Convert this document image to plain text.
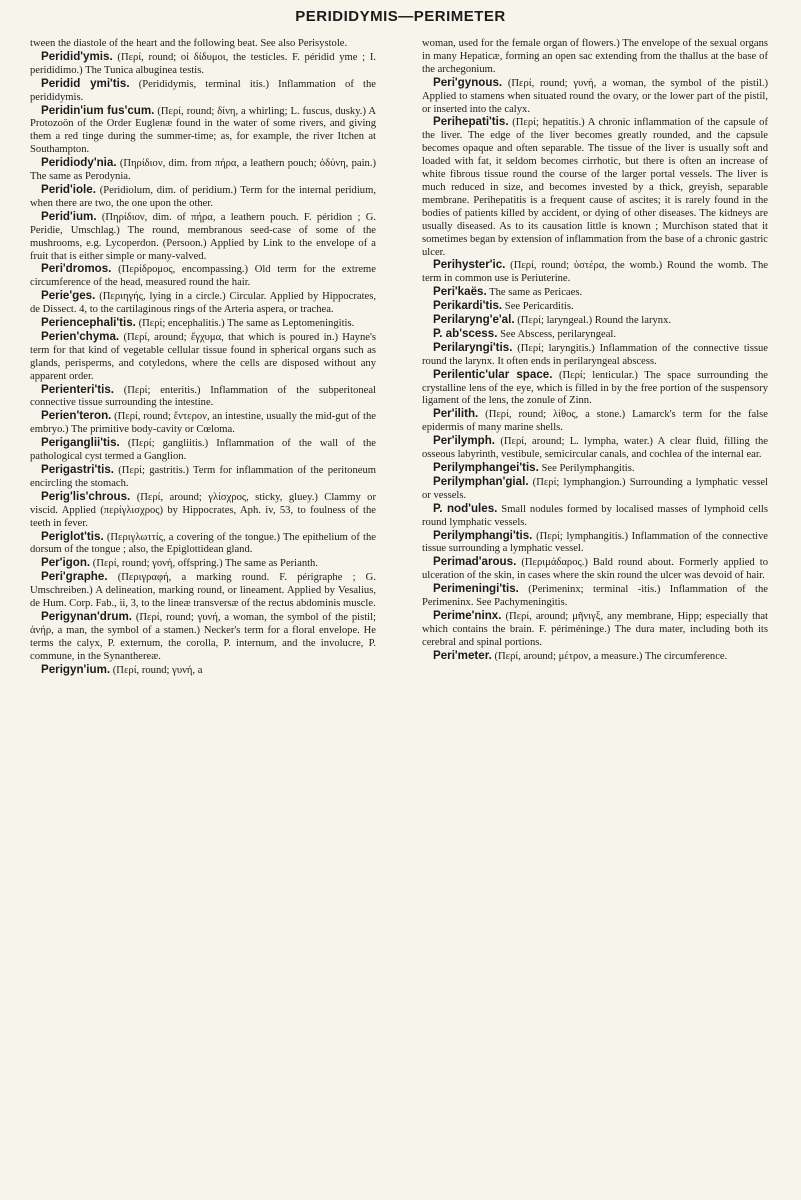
PERIDIDYMIS—PERIMETER

tween the diastole of the heart and the following beat. See also Perisystole.

Peridid'ymis. (Περί, round; οἱ δίδυμοι, the testicles. F. péridid yme ; I. perididimo.) The Tunica albuginea testis.

Peridid ymi'tis. (Perididymis, terminal itis.) Inflammation of the perididymis.

Peridin'ium fus'cum. (Περί, round; δίνη, a whirling; L. fuscus, dusky.) A Protozoön of the Order Euglenæ found in the water of some rivers, and giving them a red tinge during the summer-time; as, for example, the river Itchen at Southampton.

Peridiody'nia. (Πηρίδιον, dim. from πήρα, a leathern pouch; ὀδύνη, pain.) The same as Perodynia.

Perid'iole. (Peridiolum, dim. of peridium.) Term for the internal peridium, when there are two, the one upon the other.

Perid'ium. (Πηρίδιον, dim. of πήρα, a leathern pouch. F. péridion ; G. Peridie, Umschlag.) The round, membranous seed-case of some of the mushrooms, e.g. Lycoperdon. (Persoon.) Applied by Link to the envelope of a fruit that is either simple or many-valved.

Peri'dromos. (Περίδρομος, encompassing.) Old term for the extreme circumference of the head, measured round the hair.

Perie'ges. (Περιηγής, lying in a circle.) Circular. Applied by Hippocrates, de Dissect. 4, to the cartilaginous rings of the Arteria aspera, or trachea.

Periencephali'tis. (Περί; encephalitis.) The same as Leptomeningitis.

Perien'chyma. (Περί, around; ἔγχυμα, that which is poured in.) Hayne's term for that kind of vegetable cellular tissue found in spherical organs such as glands, perisperms, and cotyledons, where the cells are disposed without any apparent order.

Perienteri'tis. (Περί; enteritis.) Inflammation of the subperitoneal connective tissue surrounding the intestine.

Perien'teron. (Περί, round; ἔντερον, an intestine, usually the mid-gut of the embryo.) The primitive body-cavity or Cœloma.

Periganglii'tis. (Περί; gangliitis.) Inflammation of the wall of the pathological cyst termed a Ganglion.

Perigastri'tis. (Περί; gastritis.) Term for inflammation of the peritoneum encircling the stomach.

Perig'lis'chrous. (Περί, around; γλίσχρος, sticky, gluey.) Clammy or viscid. Applied (περίγλισχρος) by Hippocrates, Aph. iv, 53, to foulness of the teeth in fever.

Periglot'tis. (Περιγλωττίς, a covering of the tongue.) The epithelium of the dorsum of the tongue ; also, the Epiglottidean gland.

Per'igon. (Περί, round; γονή, offspring.) The same as Perianth.

Peri'graphe. (Περιγραφή, a marking round. F. périgraphe ; G. Umschreiben.) A delineation, marking round, or lineament. Applied by Vesalius, de Hum. Corp. Fab., ii, 3, to the lineæ transversæ of the rectus abdominis muscle.

Perigynan'drum. (Περί, round; γυνή, a woman, the symbol of the pistil; ἀνήρ, a man, the symbol of a stamen.) Necker's term for a floral envelope. He terms the calyx, P. externum, the corolla, P. internum, and the involucre, P. commune, in the Synanthereæ.

Perigyn'ium. (Περί, round; γυνή, a

woman, used for the female organ of flowers.) The envelope of the sexual organs in many Hepaticæ, forming an open sac extending from the thallus at the base of the archegonium.

Peri'gynous. (Περί, round; γυνή, a woman, the symbol of the pistil.) Applied to stamens when situated round the ovary, or the lower part of the pistil, or inserted into the calyx.

Perihepati'tis. (Περί; hepatitis.) A chronic inflammation of the capsule of the liver. The edge of the liver becomes greatly rounded, and the capsule becomes opaque and often separable. The tissue of the liver is usually soft and loaded with fat, it seldom becomes cirrhotic, but there is often an increase of white fibrous tissue round the course of the larger portal vessels. The liver is much reduced in size, and becomes invested by a thick, greyish, separable membrane. Perihepatitis is a frequent cause of ascites; it is rarely found in the bodies of patients killed by accident, or dying of other diseases. The kidneys are usually diseased. As to its causation little is known ; Murchison stated that it sometimes began by extension of inflammation from the base of a chronic gastric ulcer.

Perihyster'ic. (Περί, round; ὑστέρα, the womb.) Round the womb. The term in common use is Periuterine.

Peri'kaës. The same as Pericaes.

Perikardi'tis. See Pericarditis.

Perilaryng'e'al. (Περί; laryngeal.) Round the larynx.

P. ab'scess. See Abscess, perilaryngeal.

Perilaryngi'tis. (Περί; laryngitis.) Inflammation of the connective tissue round the larynx. It often ends in perilaryngeal abscess.

Perilentic'ular space. (Περί; lenticular.) The space surrounding the crystalline lens of the eye, which is filled in by the free portion of the suspensory ligament of the lens, the zonule of Zinn.

Per'ilith. (Περί, round; λίθος, a stone.) Lamarck's term for the false epidermis of many marine shells.

Per'ilymph. (Περί, around; L. lympha, water.) A clear fluid, filling the osseous labyrinth, vestibule, semicircular canals, and cochlea of the internal ear.

Perilymphangei'tis. See Perilymphangitis.

Perilymphan'gial. (Περί; lymphangion.) Surrounding a lymphatic vessel or vessels.

P. nod'ules. Small nodules formed by localised masses of lymphoid cells round lymphatic vessels.

Perilymphangi'tis. (Περί; lymphangitis.) Inflammation of the connective tissue surrounding a lymphatic vessel.

Perimad'arous. (Περιμάδαρος.) Bald round about. Formerly applied to ulceration of the skin, in cases where the skin round the ulcer was devoid of hair.

Perimeningi'tis. (Perimeninx; terminal -itis.) Inflammation of the Perimeninx. See Pachymeningitis.

Perime'ninx. (Περί, around; μῆνιγξ, any membrane, Hipp; especially that which contains the brain. F. périméninge.) The dura mater, including both its cerebral and spinal portions.

Peri'meter. (Περί, around; μέτρον, a measure.) The circumference.
